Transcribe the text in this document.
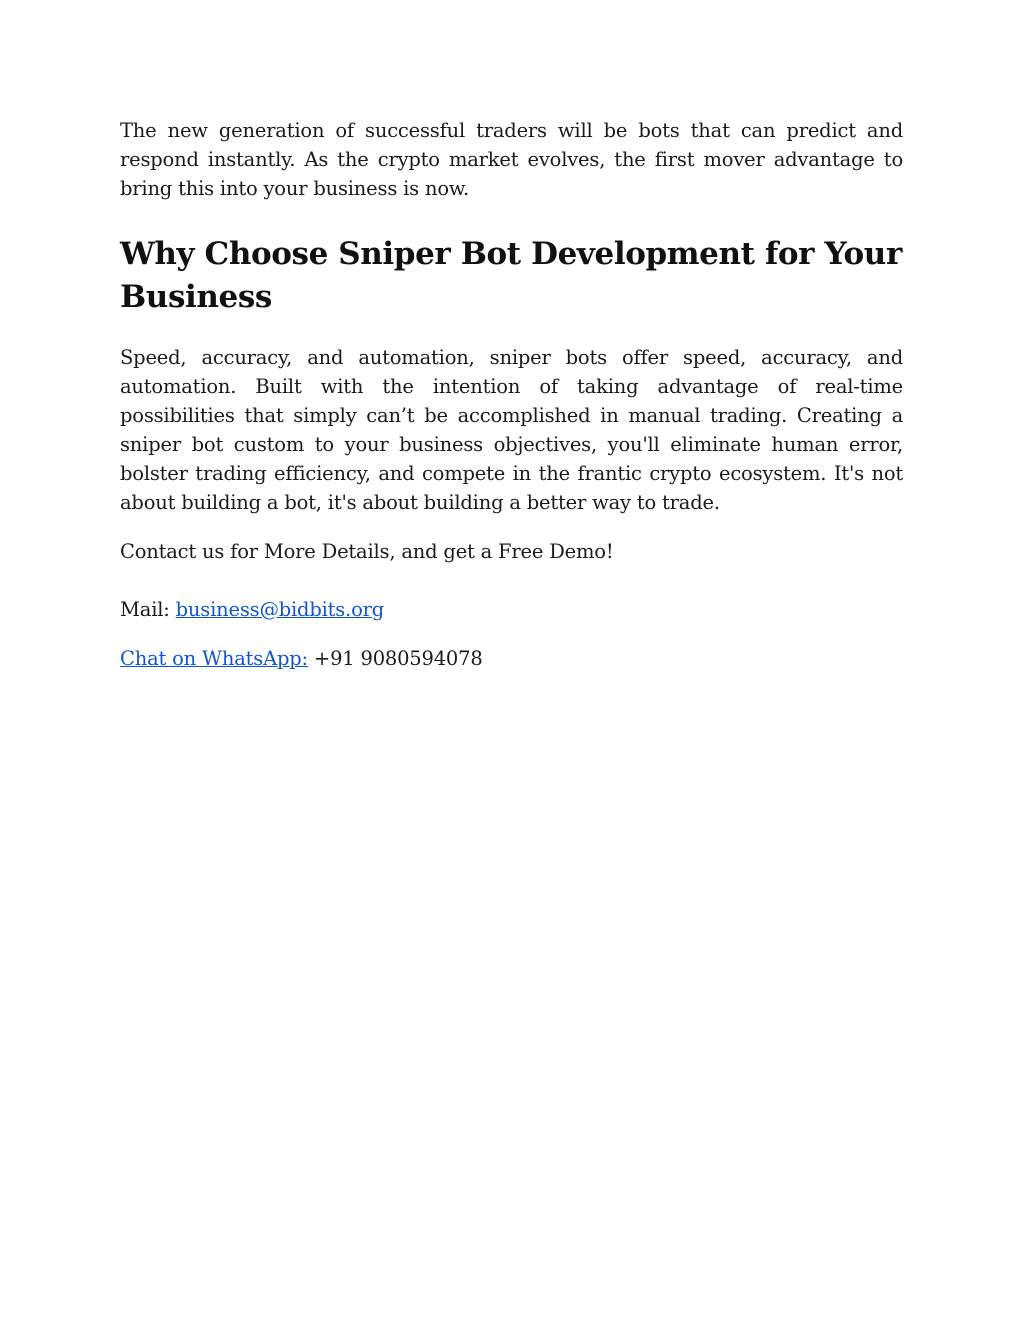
The new generation of successful traders will be bots that can predict and respond instantly. As the crypto market evolves, the first mover advantage to bring this into your business is now.

Why Choose Sniper Bot Development for Your Business

Speed, accuracy, and automation, sniper bots offer speed, accuracy, and automation. Built with the intention of taking advantage of real-time possibilities that simply can’t be accomplished in manual trading. Creating a sniper bot custom to your business objectives, you'll eliminate human error, bolster trading efficiency, and compete in the frantic crypto ecosystem. It's not about building a bot, it's about building a better way to trade.

Contact us for More Details, and get a Free Demo!

Mail: business@bidbits.org

Chat on WhatsApp: +91 9080594078
